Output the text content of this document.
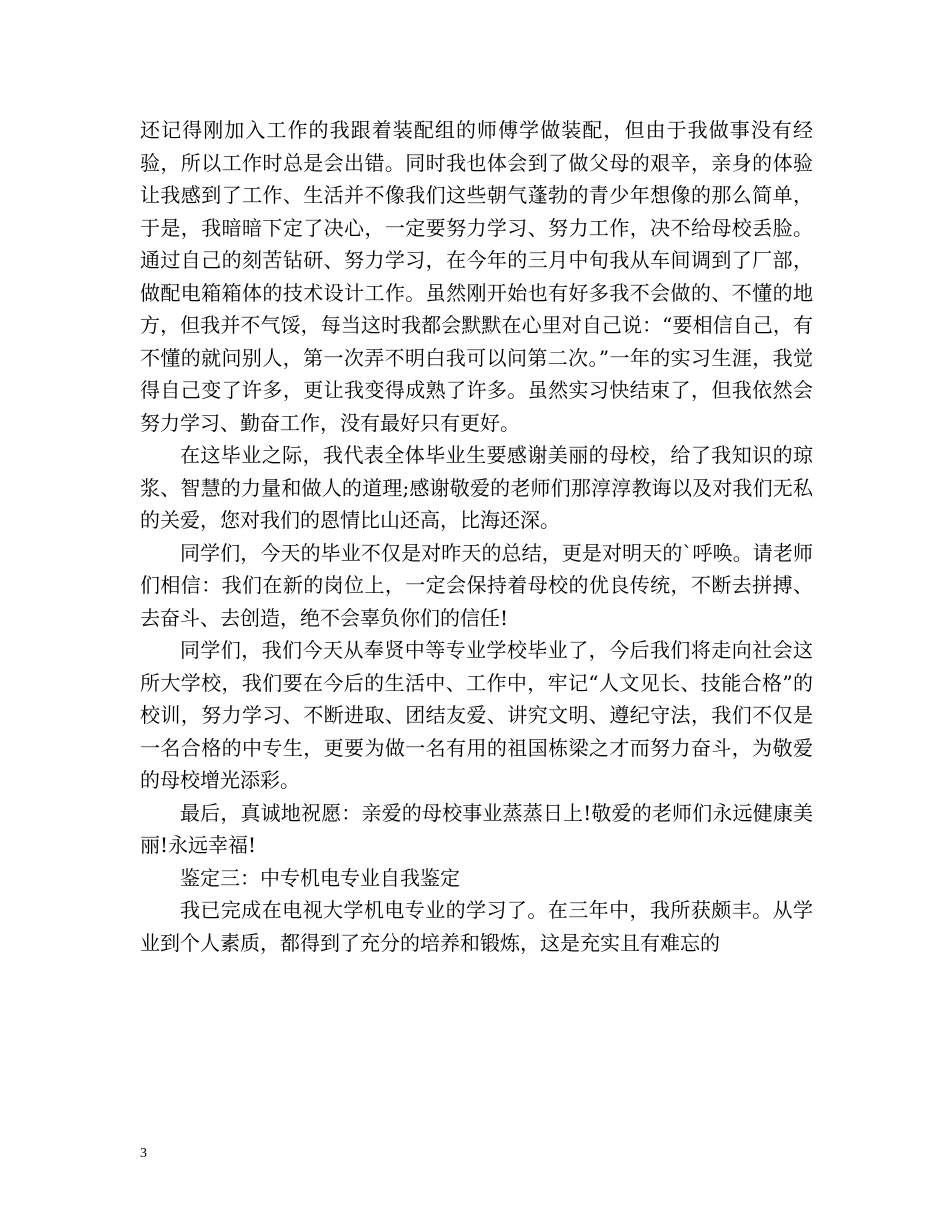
还记得刚加入工作的我跟着装配组的师傅学做装配，但由于我做事没有经验，所以工作时总是会出错。同时我也体会到了做父母的艰辛，亲身的体验让我感到了工作、生活并不像我们这些朝气蓬勃的青少年想像的那么简单，于是，我暗暗下定了决心，一定要努力学习、努力工作，决不给母校丢脸。通过自己的刻苦钻研、努力学习，在今年的三月中旬我从车间调到了厂部，做配电箱箱体的技术设计工作。虽然刚开始也有好多我不会做的、不懂的地方，但我并不气馁，每当这时我都会默默在心里对自己说：“要相信自己，有不懂的就问别人，第一次弄不明白我可以问第二次。”一年的实习生涯，我觉得自己变了许多，更让我变得成熟了许多。虽然实习快结束了，但我依然会努力学习、勤奋工作，没有最好只有更好。

在这毕业之际，我代表全体毕业生要感谢美丽的母校，给了我知识的琼浆、智慧的力量和做人的道理;感谢敬爱的老师们那淳淳教诲以及对我们无私的关爱，您对我们的恩情比山还高，比海还深。

同学们，今天的毕业不仅是对昨天的总结，更是对明天的`呼唤。请老师们相信：我们在新的岗位上，一定会保持着母校的优良传统，不断去拼搏、去奋斗、去创造，绝不会辜负你们的信任!

同学们，我们今天从奉贤中等专业学校毕业了，今后我们将走向社会这所大学校，我们要在今后的生活中、工作中，牢记“人文见长、技能合格”的校训，努力学习、不断进取、团结友爱、讲究文明、遵纪守法，我们不仅是一名合格的中专生，更要为做一名有用的祖国栋梁之才而努力奋斗，为敬爱的母校增光添彩。

最后，真诚地祝愿：亲爱的母校事业蒸蒸日上!敬爱的老师们永远健康美丽!永远幸福!

鉴定三：中专机电专业自我鉴定

我已完成在电视大学机电专业的学习了。在三年中，我所获颇丰。从学业到个人素质，都得到了充分的培养和锻炼，这是充实且有难忘的

3
